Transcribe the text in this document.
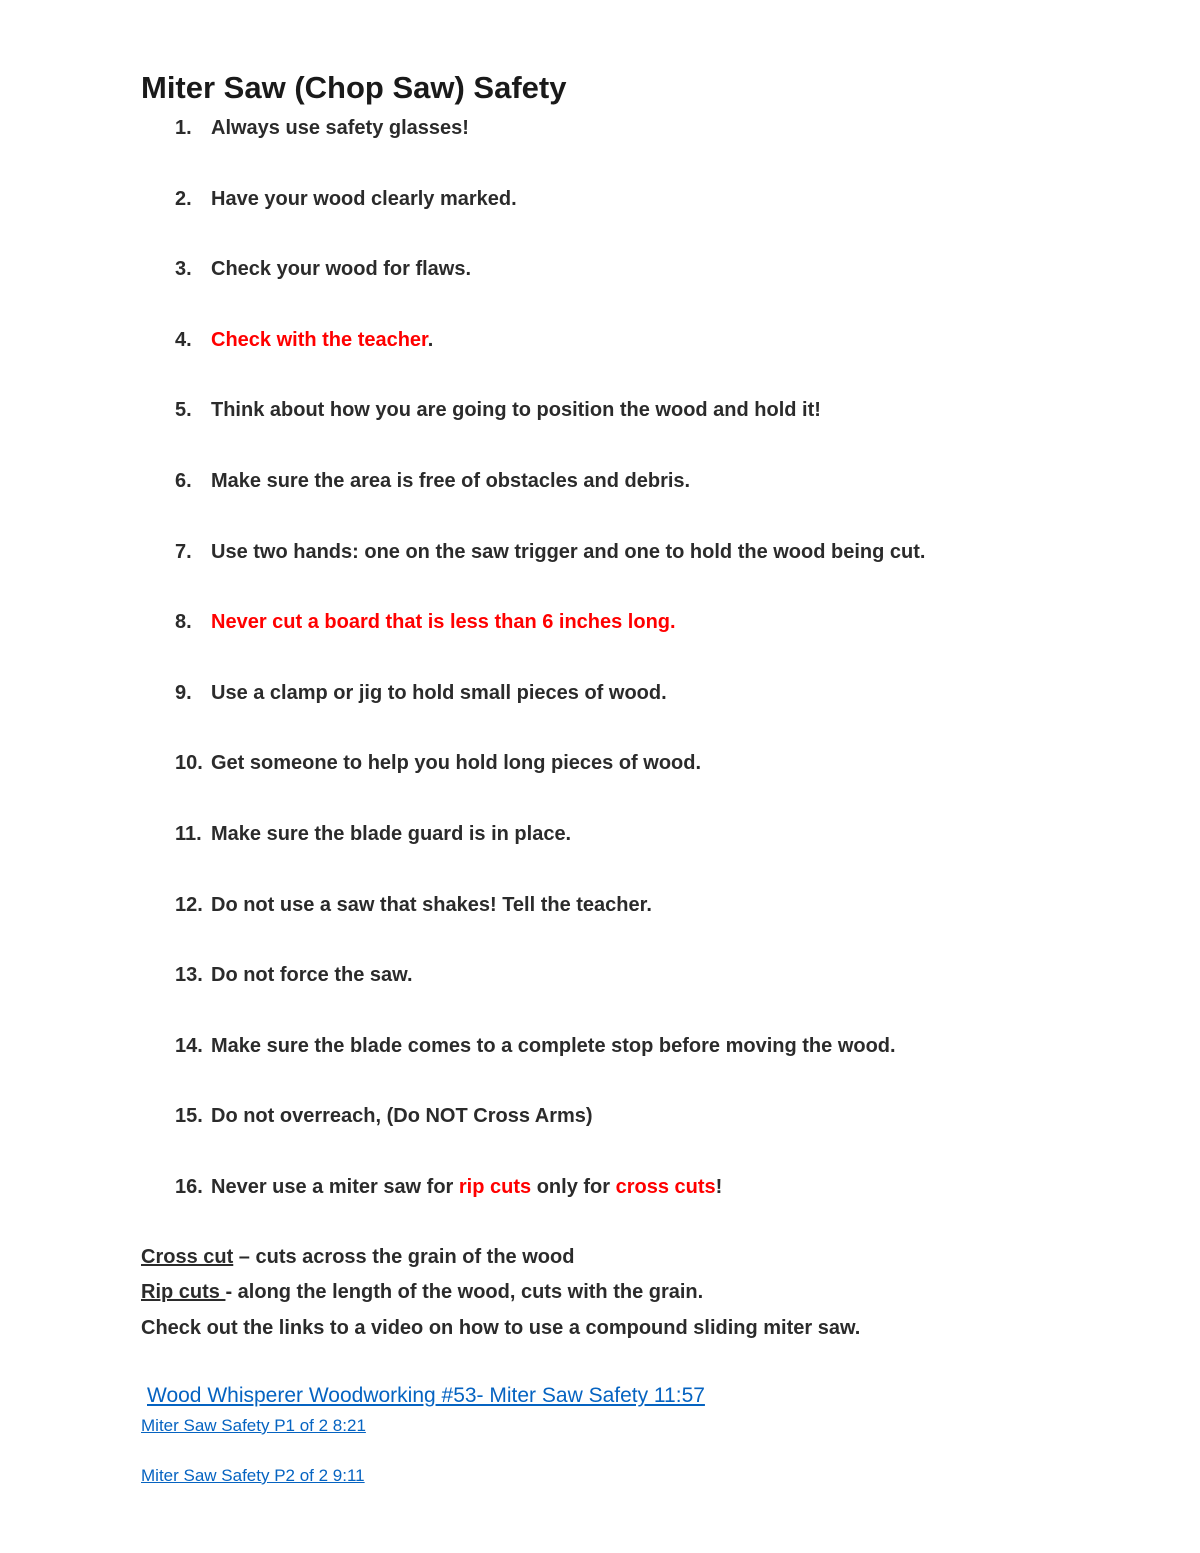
Miter Saw (Chop Saw) Safety
1. Always use safety glasses!
2. Have your wood clearly marked.
3. Check your wood for flaws.
4. Check with the teacher.
5. Think about how you are going to position the wood and hold it!
6. Make sure the area is free of obstacles and debris.
7. Use two hands: one on the saw trigger and one to hold the wood being cut.
8. Never cut a board that is less than 6 inches long.
9. Use a clamp or jig to hold small pieces of wood.
10. Get someone to help you hold long pieces of wood.
11. Make sure the blade guard is in place.
12. Do not use a saw that shakes! Tell the teacher.
13. Do not force the saw.
14. Make sure the blade comes to a complete stop before moving the wood.
15. Do not overreach, (Do NOT Cross Arms)
16. Never use a miter saw for rip cuts only for cross cuts!
Cross cut – cuts across the grain of the wood
Rip cuts - along the length of the wood, cuts with the grain.
Check out the links to a video on how to use a compound sliding miter saw.
Wood Whisperer Woodworking #53- Miter Saw Safety 11:57
Miter Saw Safety P1 of 2 8:21
Miter Saw Safety P2 of 2 9:11
